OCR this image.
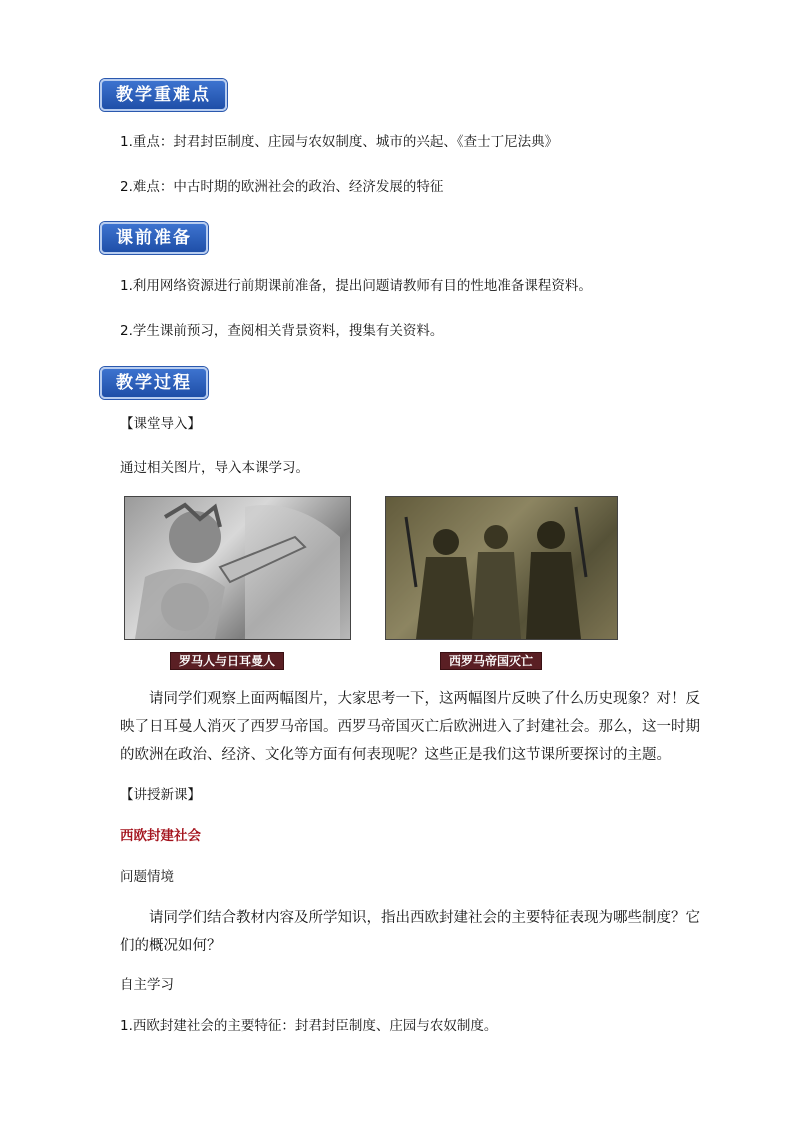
教学重难点
1.重点：封君封臣制度、庄园与农奴制度、城市的兴起、《查士丁尼法典》
2.难点：中古时期的欧洲社会的政治、经济发展的特征
课前准备
1.利用网络资源进行前期课前准备，提出问题请教师有目的性地准备课程资料。
2.学生课前预习，查阅相关背景资料，搜集有关资料。
教学过程
【课堂导入】
通过相关图片，导入本课学习。
罗马人与日耳曼人	西罗马帝国灭亡
请同学们观察上面两幅图片，大家思考一下，这两幅图片反映了什么历史现象？对！反映了日耳曼人消灭了西罗马帝国。西罗马帝国灭亡后欧洲进入了封建社会。那么，这一时期的欧洲在政治、经济、文化等方面有何表现呢？这些正是我们这节课所要探讨的主题。
【讲授新课】
西欧封建社会
问题情境
请同学们结合教材内容及所学知识，指出西欧封建社会的主要特征表现为哪些制度？它们的概况如何？
自主学习
1.西欧封建社会的主要特征：封君封臣制度、庄园与农奴制度。
